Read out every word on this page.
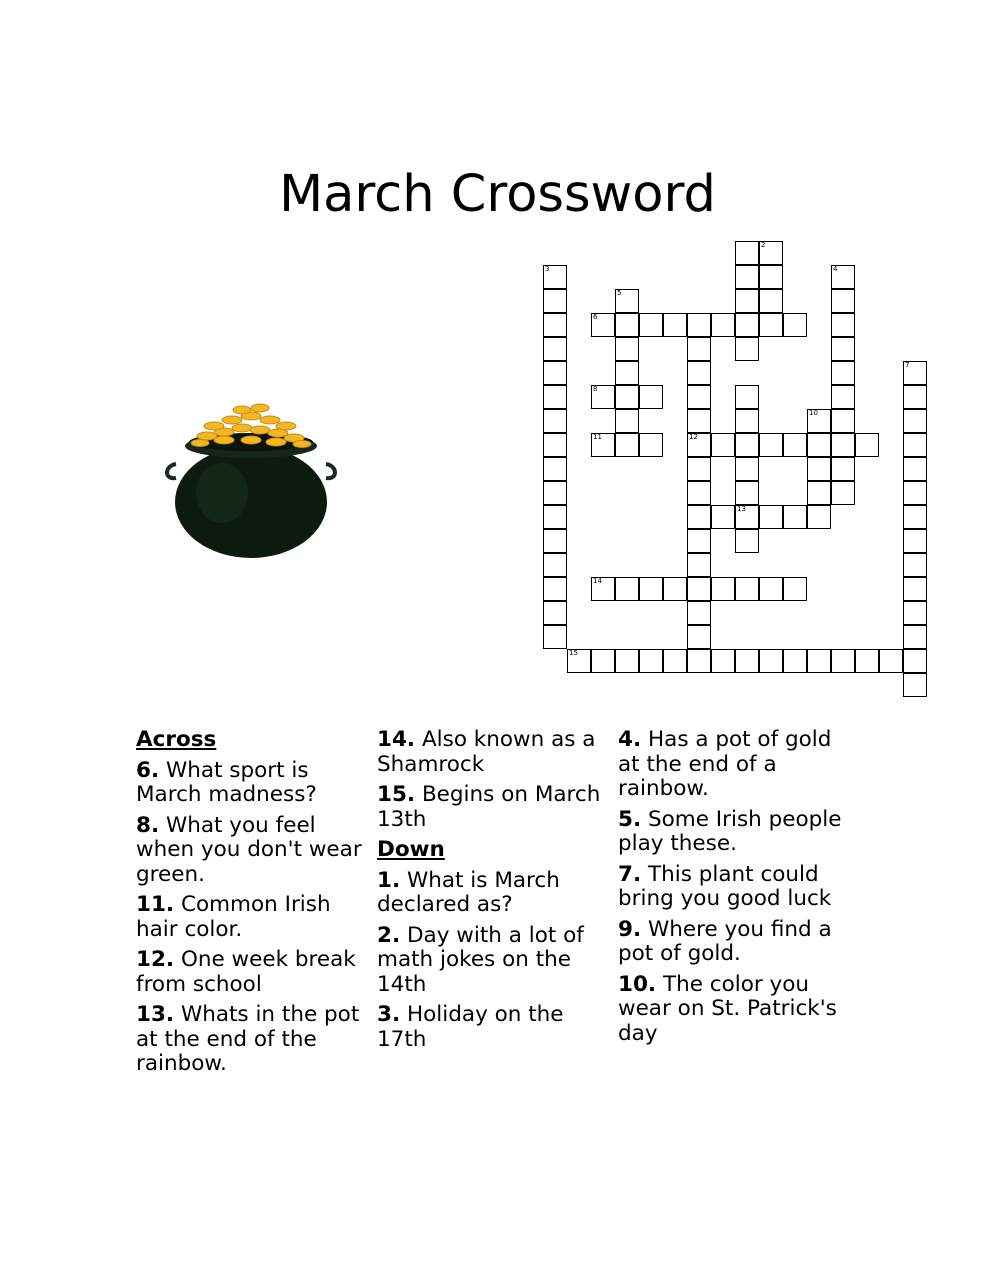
March Crossword
2
3	4
5
6
7
8
10
11	12
13
14
15
Across
6. What sport is March madness?
8. What you feel when you don't wear green.
11. Common Irish hair color.
12. One week break from school
13. Whats in the pot at the end of the rainbow.
14. Also known as a Shamrock
15. Begins on March 13th
Down
1. What is March declared as?
2. Day with a lot of math jokes on the 14th
3. Holiday on the 17th
4. Has a pot of gold at the end of a rainbow.
5. Some Irish people play these.
7. This plant could bring you good luck
9. Where you find a pot of gold.
10. The color you wear on St. Patrick's day
